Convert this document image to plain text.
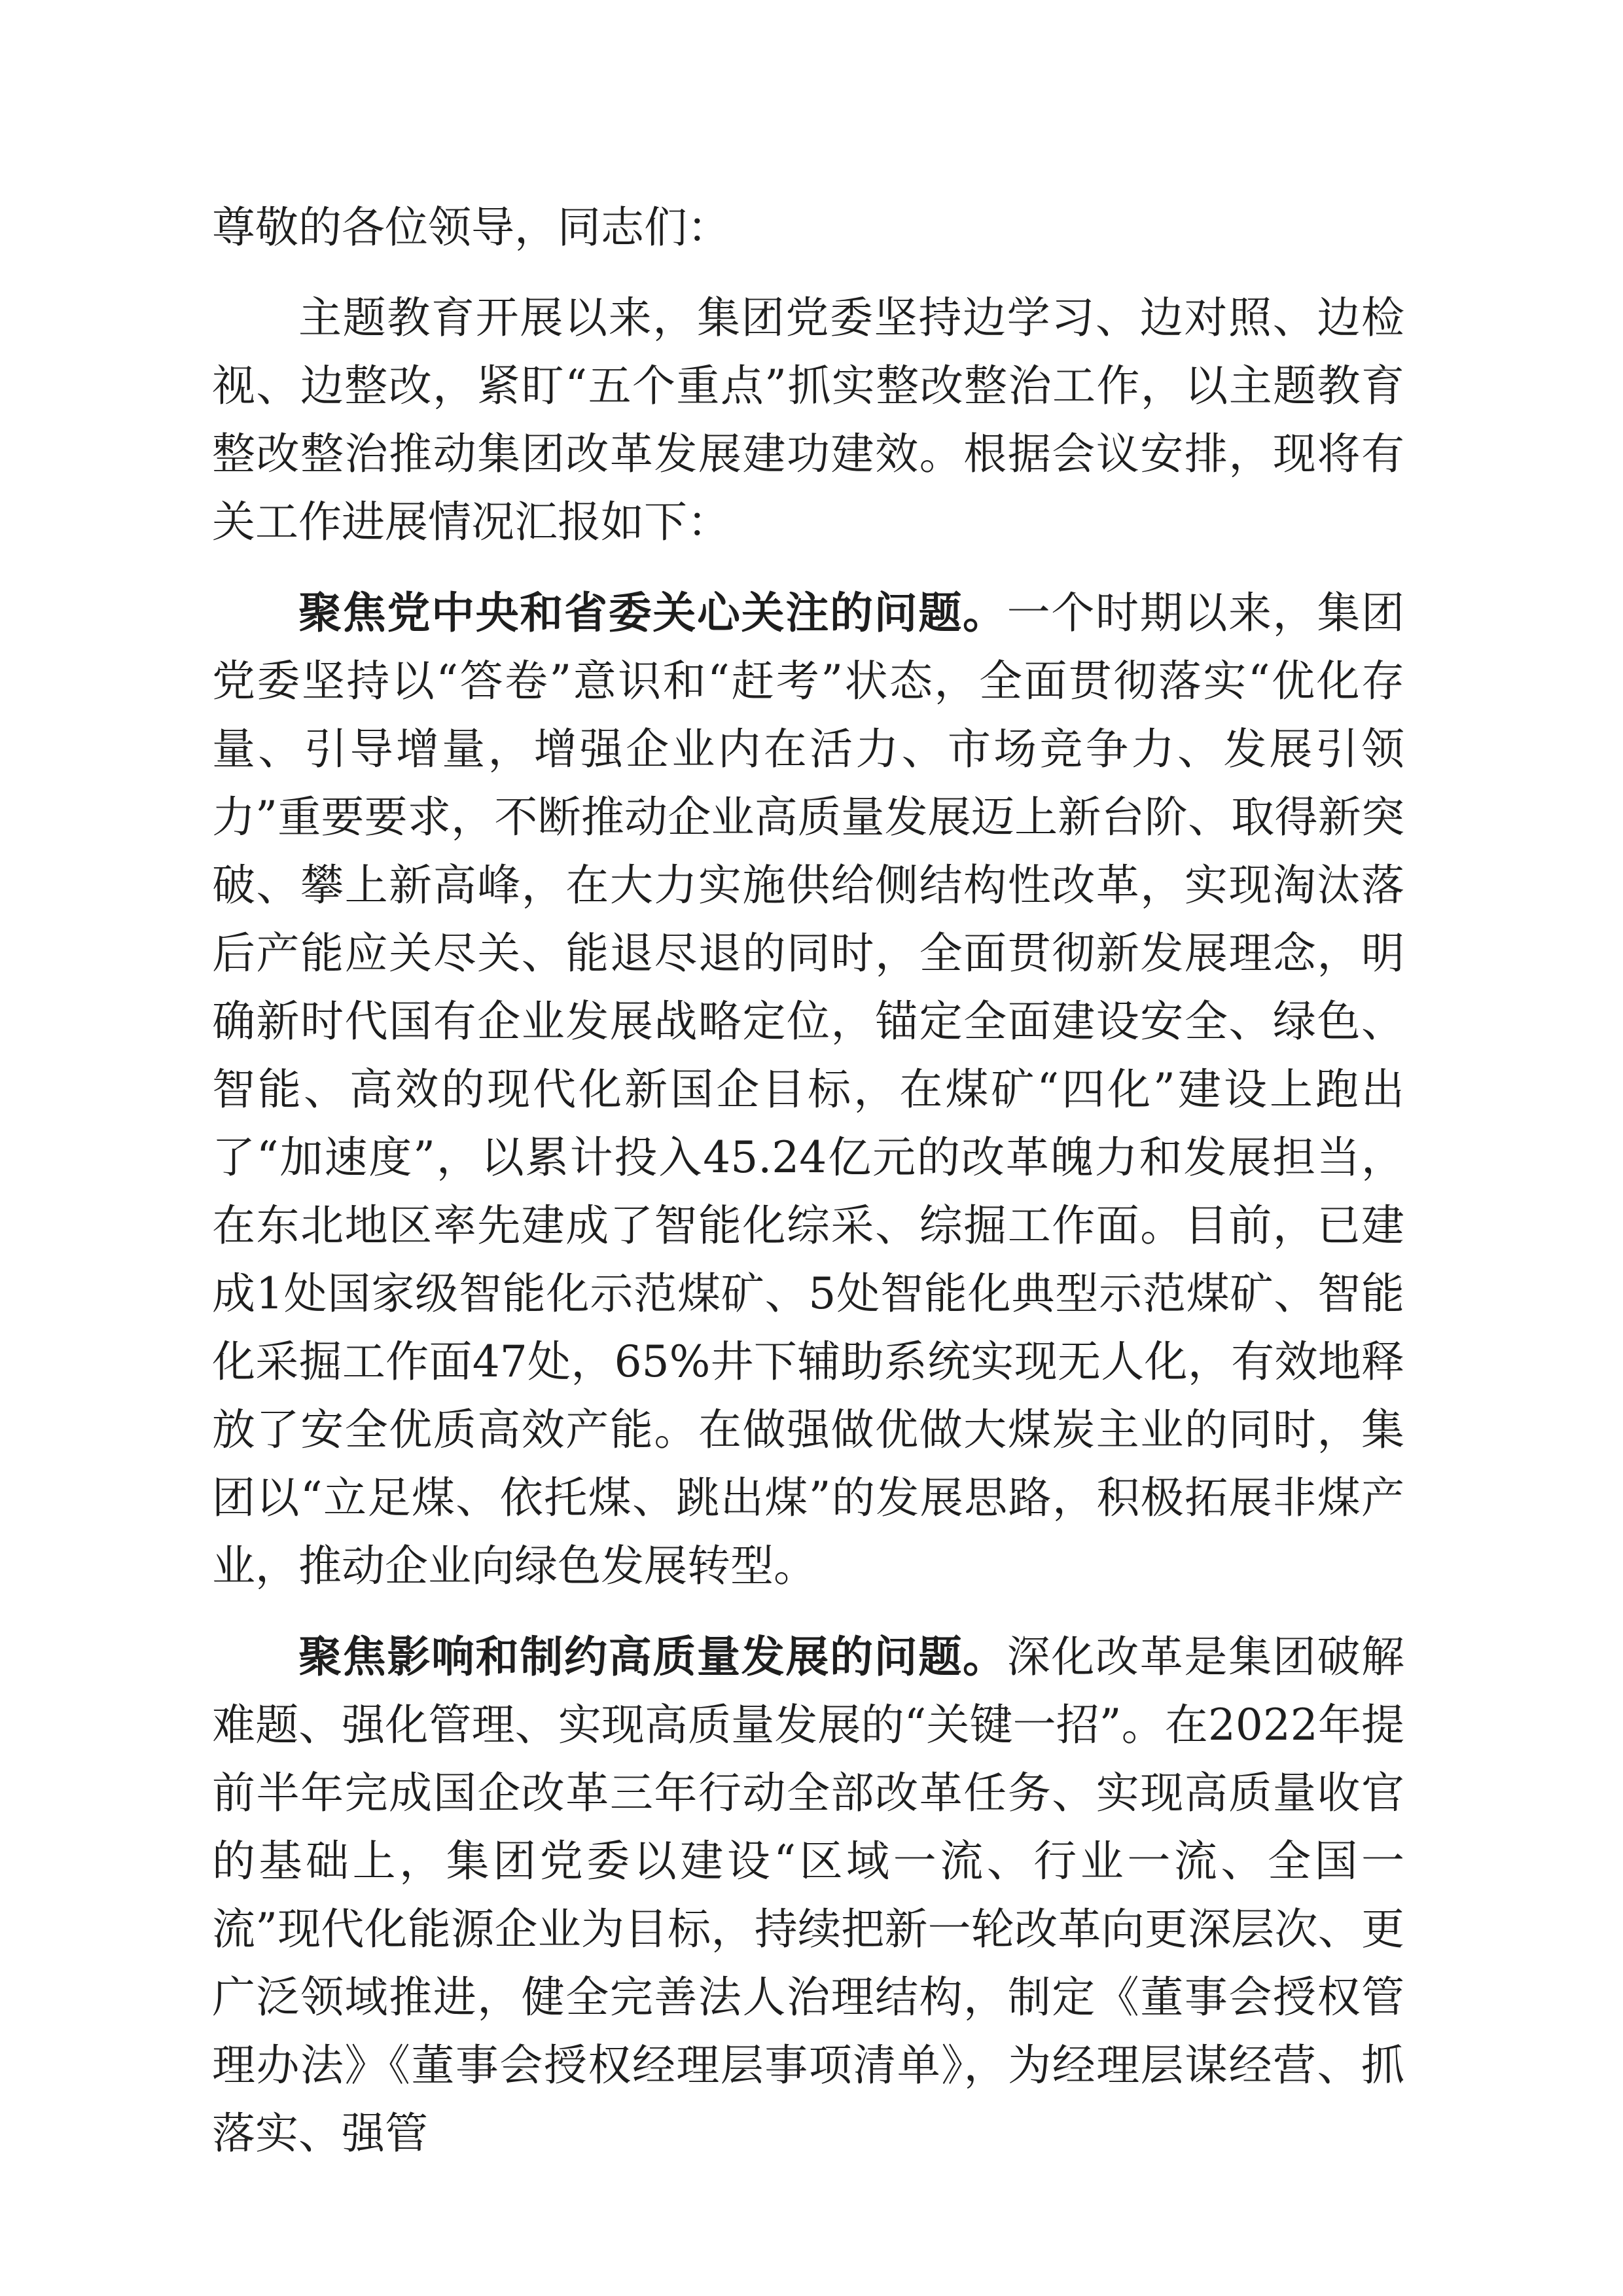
尊敬的各位领导，同志们：

主题教育开展以来，集团党委坚持边学习、边对照、边检视、边整改，紧盯“五个重点”抓实整改整治工作，以主题教育整改整治推动集团改革发展建功建效。根据会议安排，现将有关工作进展情况汇报如下：

聚焦党中央和省委关心关注的问题。一个时期以来，集团党委坚持以“答卷”意识和“赶考”状态，全面贯彻落实“优化存量、引导增量，增强企业内在活力、市场竞争力、发展引领力”重要要求，不断推动企业高质量发展迈上新台阶、取得新突破、攀上新高峰，在大力实施供给侧结构性改革，实现淘汰落后产能应关尽关、能退尽退的同时，全面贯彻新发展理念，明确新时代国有企业发展战略定位，锚定全面建设安全、绿色、智能、高效的现代化新国企目标，在煤矿“四化”建设上跑出了“加速度”，以累计投入45.24亿元的改革魄力和发展担当，在东北地区率先建成了智能化综采、综掘工作面。目前，已建成1处国家级智能化示范煤矿、5处智能化典型示范煤矿、智能化采掘工作面47处，65%井下辅助系统实现无人化，有效地释放了安全优质高效产能。在做强做优做大煤炭主业的同时，集团以“立足煤、依托煤、跳出煤”的发展思路，积极拓展非煤产业，推动企业向绿色发展转型。

聚焦影响和制约高质量发展的问题。深化改革是集团破解难题、强化管理、实现高质量发展的“关键一招”。在2022年提前半年完成国企改革三年行动全部改革任务、实现高质量收官的基础上，集团党委以建设“区域一流、行业一流、全国一流”现代化能源企业为目标，持续把新一轮改革向更深层次、更广泛领域推进，健全完善法人治理结构，制定《董事会授权管理办法》《董事会授权经理层事项清单》，为经理层谋经营、抓落实、强管
